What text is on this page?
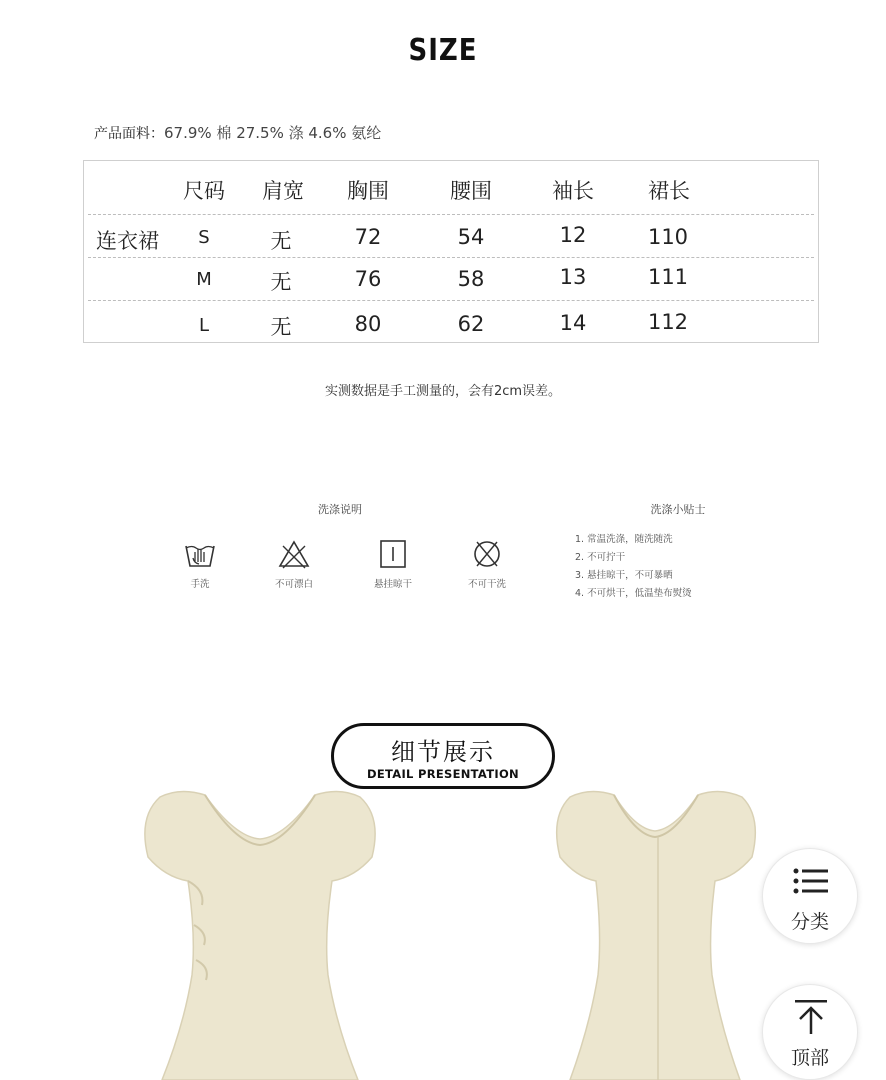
SIZE
产品面料：67.9% 棉 27.5% 涤 4.6% 氨纶
尺码 肩宽 胸围	腰围	袖长	裙长
连衣裙 S	无	72	54	12	110
M	无	76	58	13	111
L	无	80	62	14	112
实测数据是手工测量的，会有2cm误差。
洗涤说明
手洗	不可漂白	悬挂晾干	不可干洗
洗涤小贴士
1. 常温洗涤，随洗随洗
2. 不可拧干
3. 悬挂晾干，不可暴晒
4. 不可烘干，低温垫布熨烫
细节展示
DETAIL PRESENTATION
分类
顶部
